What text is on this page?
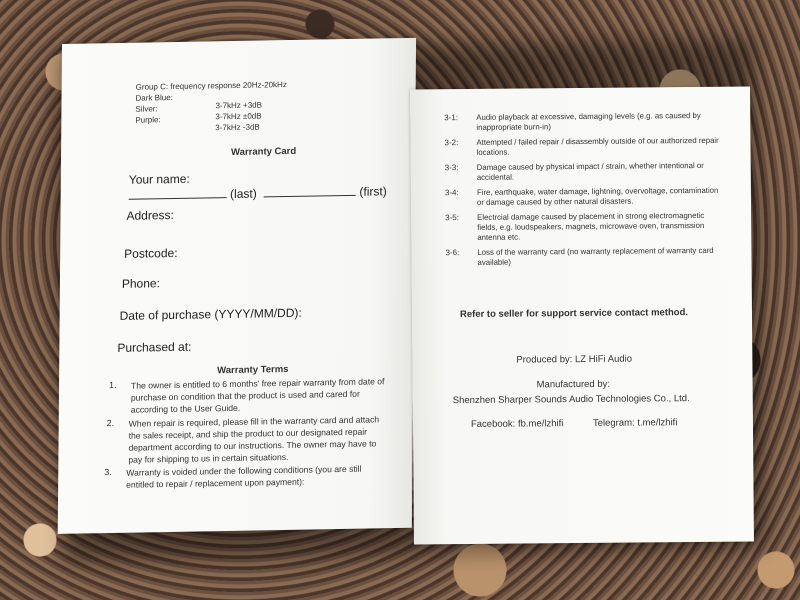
Group C: frequency response 20Hz-20kHz
Dark Blue:
3-7kHz +3dB
Silver:
3-7kHz ±0dB
Purple:
3-7kHz -3dB
Warranty Card
Your name:
(last)	(first)
Address:
Postcode:
Phone:
Date of purchase (YYYY/MM/DD):
Purchased at:
Warranty Terms
1. The owner is entitled to 6 months' free repair warranty from date of purchase on condition that the product is used and cared for according to the User Guide.
2. When repair is required, please fill in the warranty card and attach the sales receipt, and ship the product to our designated repair department according to our instructions. The owner may have to pay for shipping to us in certain situations.
3. Warranty is voided under the following conditions (you are still entitled to repair / replacement upon payment):
3-1: Audio playback at excessive, damaging levels (e.g. as caused by inappropriate burn-in)
3-2: Attempted / failed repair / disassembly outside of our authorized repair locations.
3-3: Damage caused by physical impact / strain, whether intentional or accidental.
3-4: Fire, earthquake, water damage, lightning, overvoltage, contamination or damage caused by other natural disasters.
3-5: Electrcial damage caused by placement in strong electromagnetic fields, e.g. loudspeakers, magnets, microwave oven, transmission antenna etc.
3-6: Loss of the warranty card (no warranty replacement of warranty card available)
Refer to seller for support service contact method.
Produced by: LZ HiFi Audio
Manufactured by:
Shenzhen Sharper Sounds Audio Technologies Co., Ltd.
Facebook: fb.me/lzhifi	Telegram: t.me/lzhifi
